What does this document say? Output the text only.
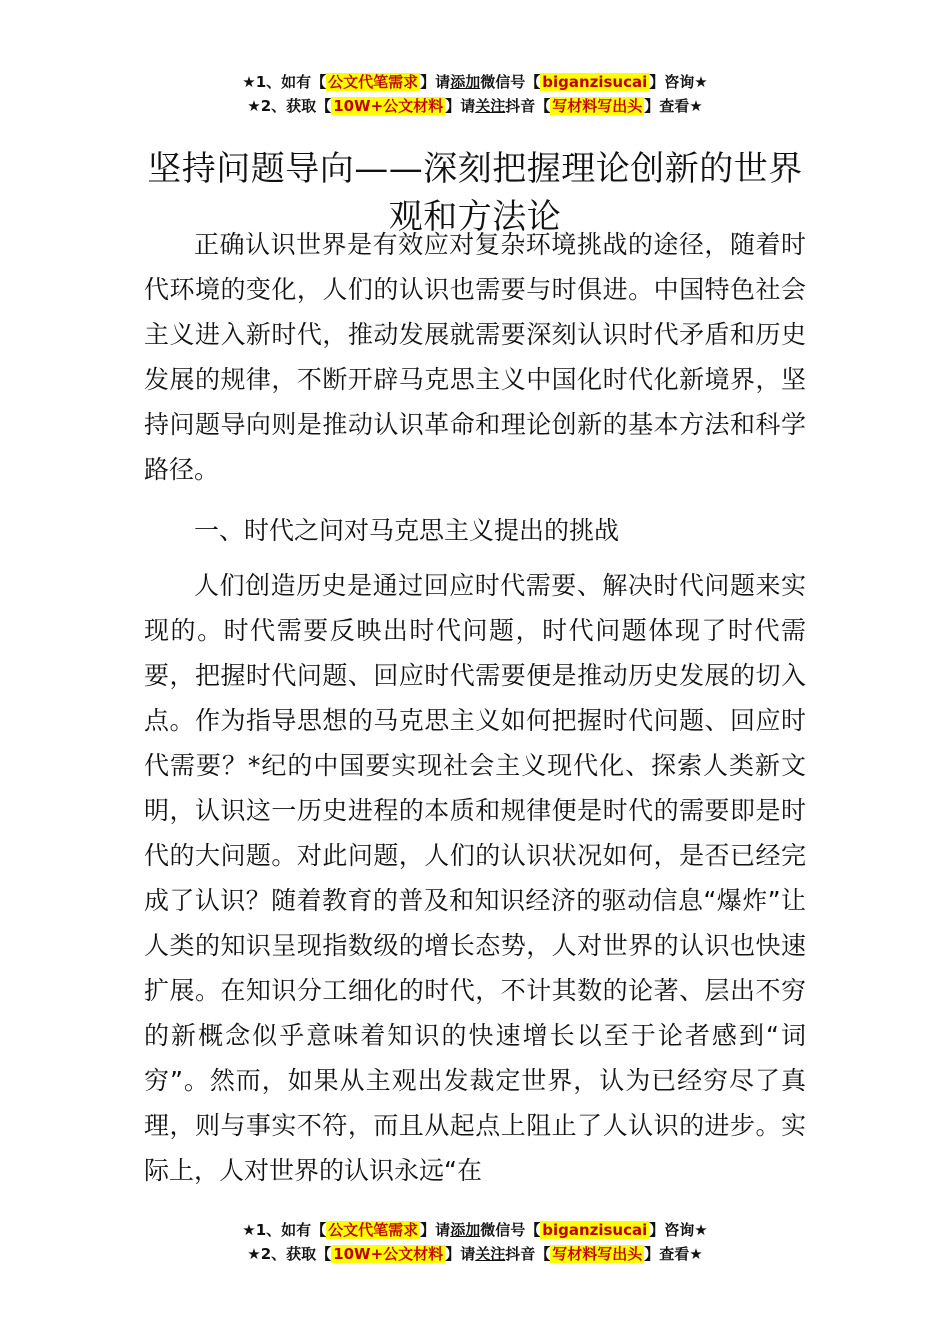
★1、如有【 公文代笔需求 】请添加微信号【 biganzisucai 】咨询★
★2、获取【 10W+公文材料 】请关注抖音【 写材料写出头 】查看★
坚持问题导向——深刻把握理论创新的世界观和方法论

正确认识世界是有效应对复杂环境挑战的途径，随着时代环境的变化，人们的认识也需要与时俱进。中国特色社会主义进入新时代，推动发展就需要深刻认识时代矛盾和历史发展的规律，不断开辟马克思主义中国化时代化新境界，坚持问题导向则是推动认识革命和理论创新的基本方法和科学路径。

一、时代之问对马克思主义提出的挑战

人们创造历史是通过回应时代需要、解决时代问题来实现的。时代需要反映出时代问题，时代问题体现了时代需要，把握时代问题、回应时代需要便是推动历史发展的切入点。作为指导思想的马克思主义如何把握时代问题、回应时代需要？*纪的中国要实现社会主义现代化、探索人类新文明，认识这一历史进程的本质和规律便是时代的需要即是时代的大问题。对此问题，人们的认识状况如何，是否已经完成了认识？随着教育的普及和知识经济的驱动信息“爆炸”让人类的知识呈现指数级的增长态势，人对世界的认识也快速扩展。在知识分工细化的时代，不计其数的论著、层出不穷的新概念似乎意味着知识的快速增长以至于论者感到“词穷”。然而，如果从主观出发裁定世界，认为已经穷尽了真理，则与事实不符，而且从起点上阻止了人认识的进步。实际上，人对世界的认识永远“在

★1、如有【 公文代笔需求 】请添加微信号【 biganzisucai 】咨询★
★2、获取【 10W+公文材料 】请关注抖音【 写材料写出头 】查看★
